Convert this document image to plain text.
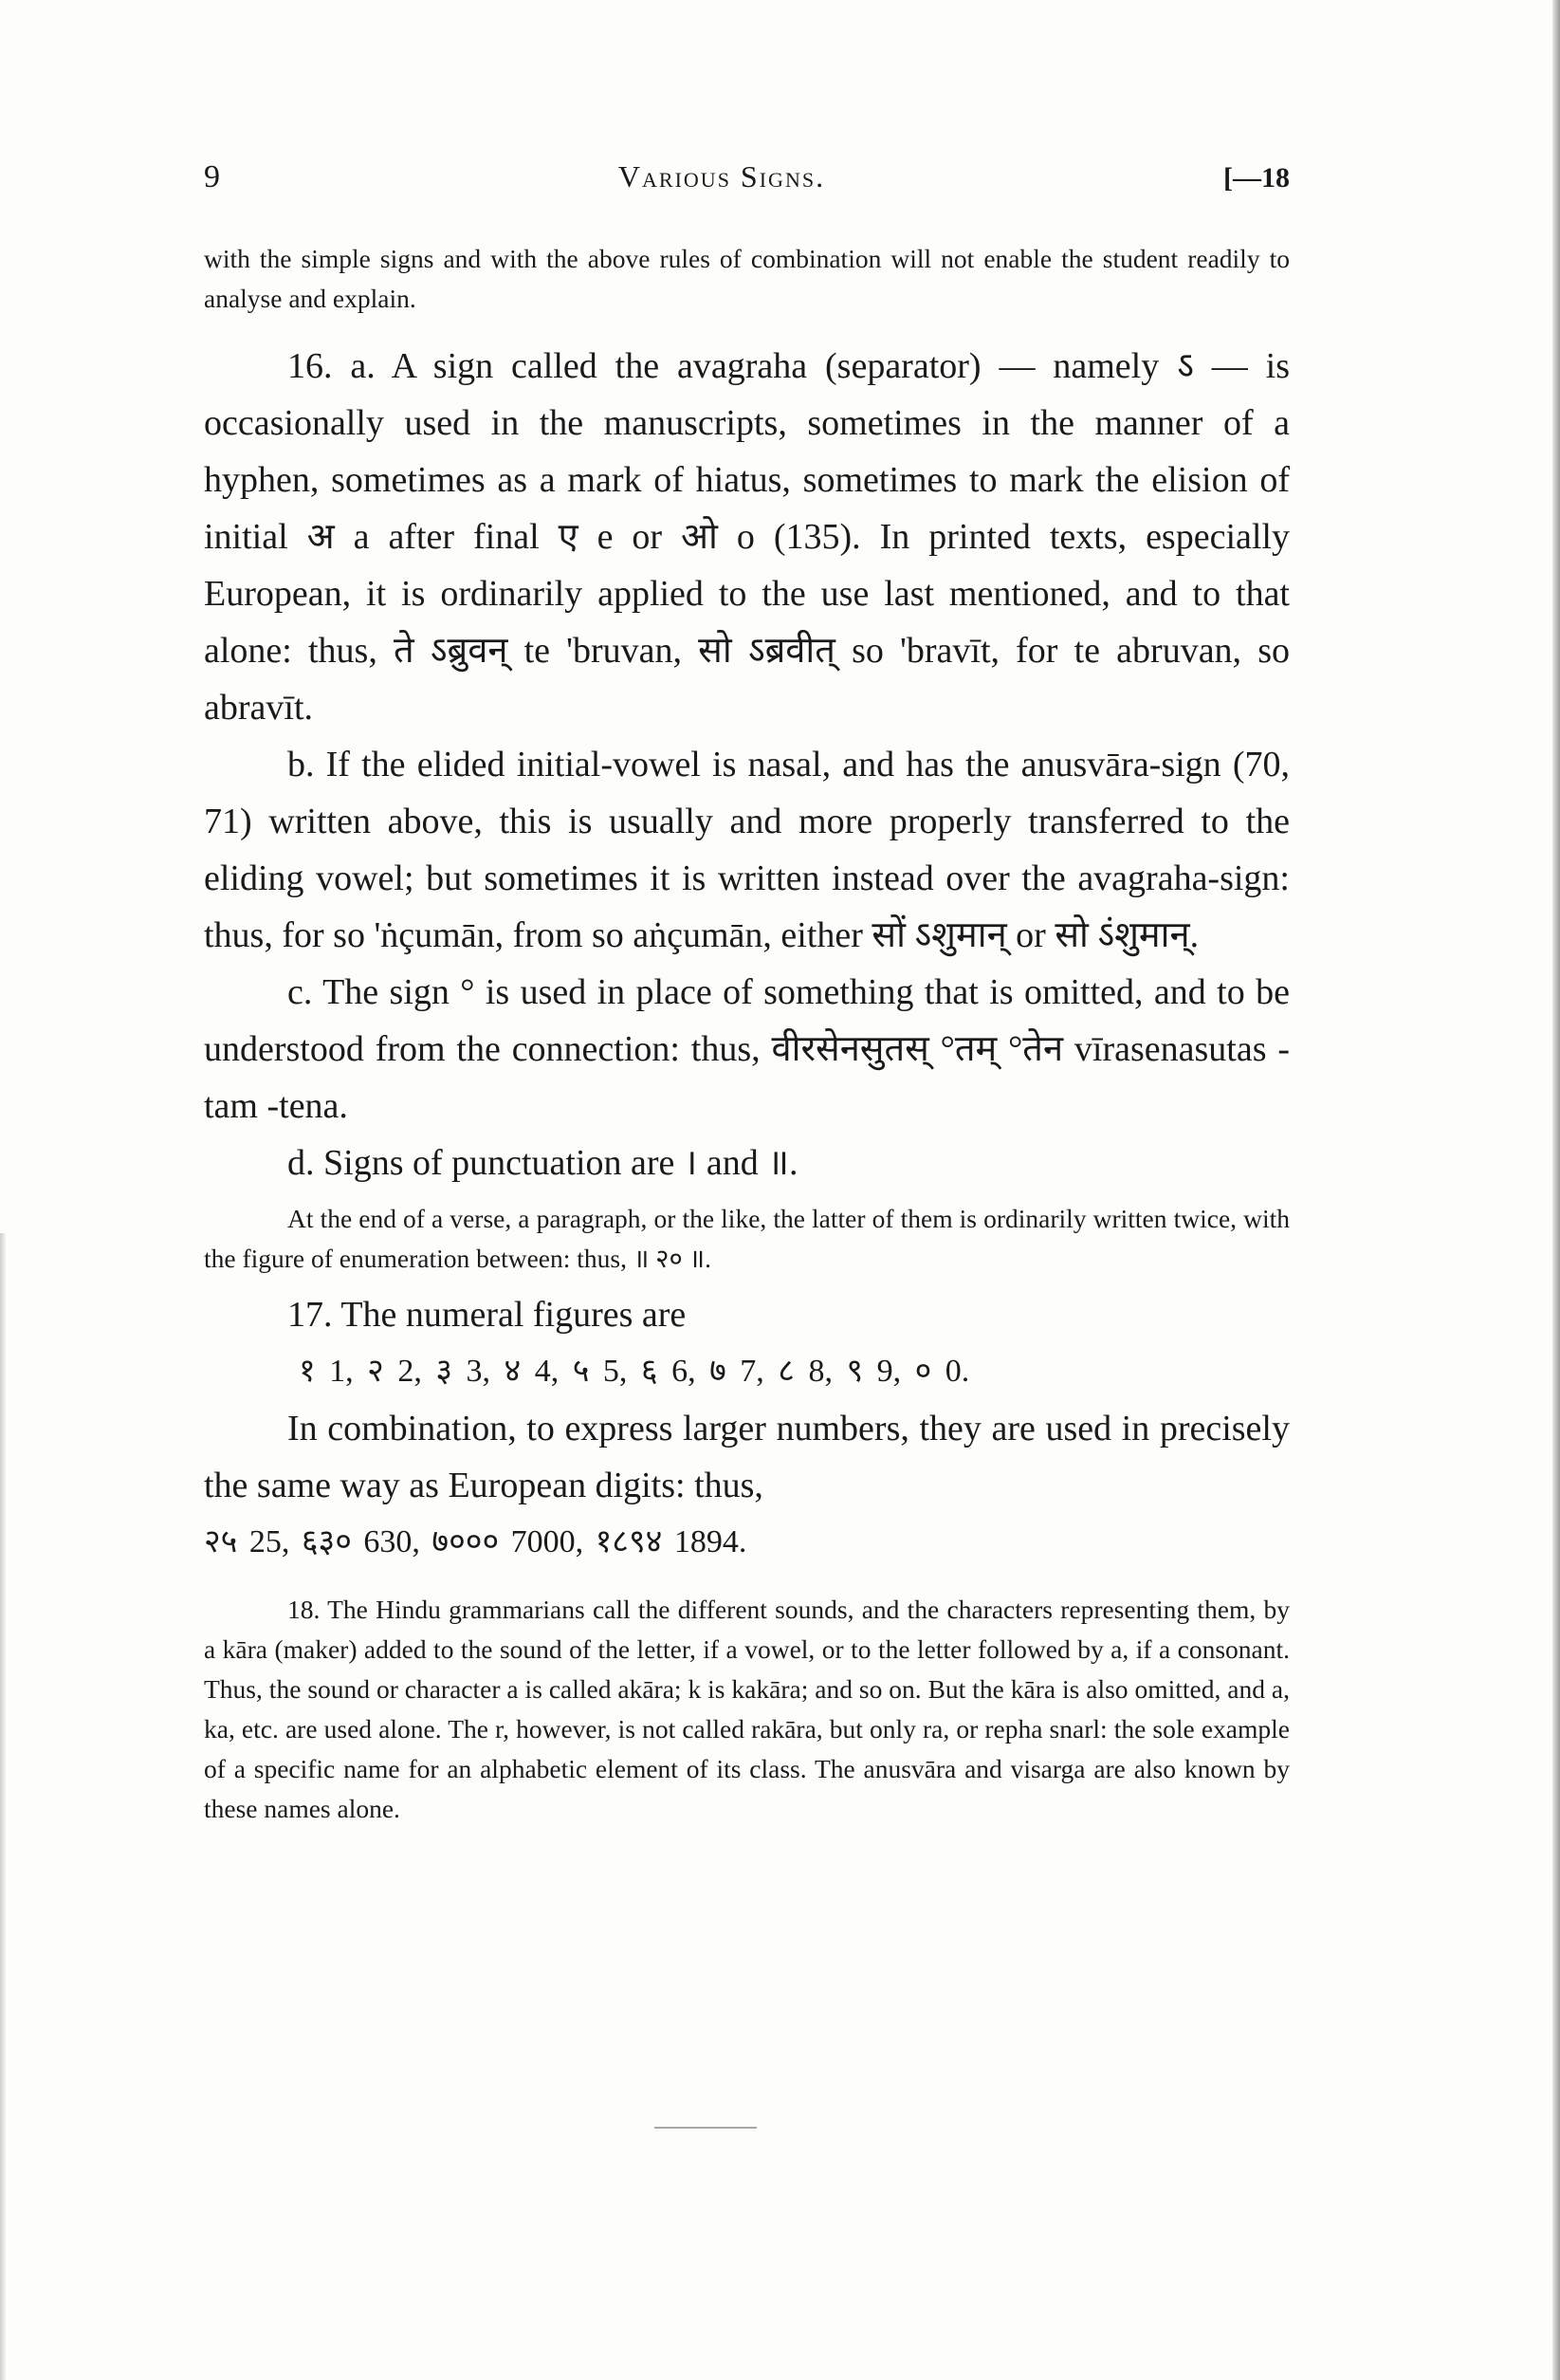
9	Various Signs.	[—18

with the simple signs and with the above rules of combination will not enable the student readily to analyse and explain.

16. a. A sign called the avagraha (separator) — namely ऽ — is occasionally used in the manuscripts, sometimes in the manner of a hyphen, sometimes as a mark of hiatus, sometimes to mark the elision of initial अ a after final ए e or ओ o (135). In printed texts, especially European, it is ordinarily applied to the use last mentioned, and to that alone: thus, ते ऽब्रुवन् te 'bruvan, सो ऽब्रवीत् so 'bravīt, for te abruvan, so abravīt.

b. If the elided initial-vowel is nasal, and has the anusvāra-sign (70, 71) written above, this is usually and more properly transferred to the eliding vowel; but sometimes it is written instead over the avagraha-sign: thus, for so 'ṅçumān, from so aṅçumān, either सों ऽशुमान् or सो ऽंशुमान्.

c. The sign ° is used in place of something that is omitted, and to be understood from the connection: thus, वीरसेनसुतस् °तम् °तेन vīrasenasutas -tam -tena.

d. Signs of punctuation are । and ॥.

At the end of a verse, a paragraph, or the like, the latter of them is ordinarily written twice, with the figure of enumeration between: thus, ॥ २० ॥.

17. The numeral figures are

१ 1, २ 2, ३ 3, ४ 4, ५ 5, ६ 6, ७ 7, ८ 8, ९ 9, ० 0.

In combination, to express larger numbers, they are used in precisely the same way as European digits: thus,

२५ 25, ६३० 630, ७००० 7000, १८९४ 1894.

18. The Hindu grammarians call the different sounds, and the characters representing them, by a kāra (maker) added to the sound of the letter, if a vowel, or to the letter followed by a, if a consonant. Thus, the sound or character a is called akāra; k is kakāra; and so on. But the kāra is also omitted, and a, ka, etc. are used alone. The r, however, is not called rakāra, but only ra, or repha snarl: the sole example of a specific name for an alphabetic element of its class. The anusvāra and visarga are also known by these names alone.
